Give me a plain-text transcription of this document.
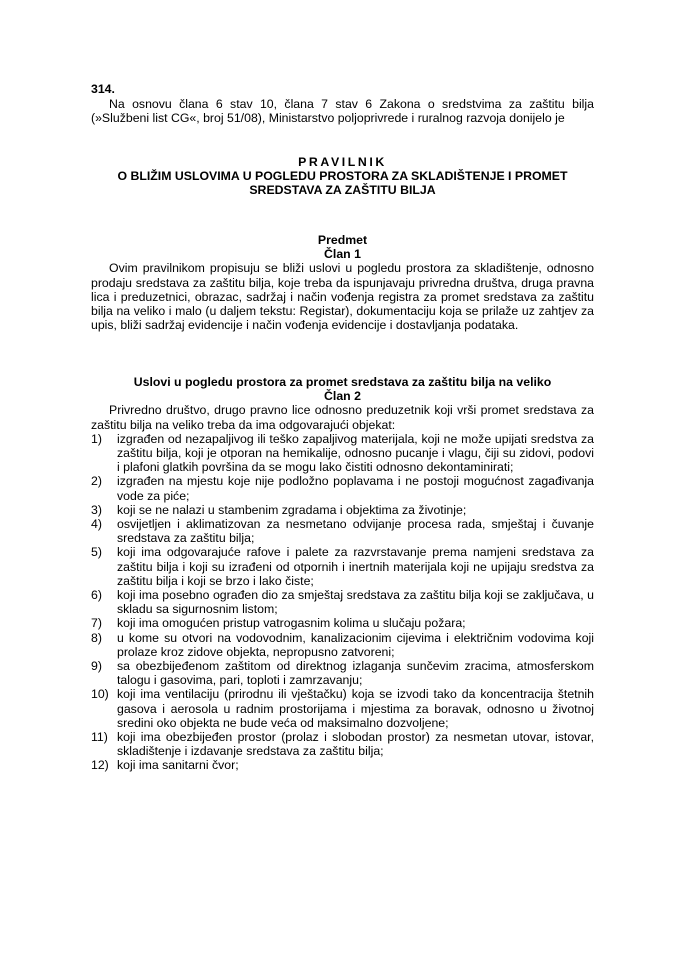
314.
Na osnovu člana 6 stav 10, člana 7 stav 6 Zakona o sredstvima za zaštitu bilja (»Službeni list CG«, broj 51/08), Ministarstvo poljoprivrede i ruralnog razvoja donijelo je
PRAVILNIK
O BLIŽIM USLOVIMA U POGLEDU PROSTORA ZA SKLADIŠTENJE I PROMET
SREDSTAVA ZA ZAŠTITU BILJA
Predmet
Član 1
Ovim pravilnikom propisuju se bliži uslovi u pogledu prostora za skladištenje, odnosno prodaju sredstava za zaštitu bilja, koje treba da ispunjavaju privredna društva, druga pravna lica i preduzetnici, obrazac, sadržaj i način vođenja registra za promet sredstava za zaštitu bilja na veliko i malo (u daljem tekstu: Registar), dokumentaciju koja se prilaže uz zahtjev za upis, bliži sadržaj evidencije i način vođenja evidencije i dostavljanja podataka.
Uslovi u pogledu prostora za promet sredstava za zaštitu bilja na veliko
Član 2
Privredno društvo, drugo pravno lice odnosno preduzetnik koji vrši promet sredstava za zaštitu bilja na veliko treba da ima odgovarajući objekat:
1)	izgrađen od nezapaljivog ili teško zapaljivog materijala, koji ne može upijati sredstva za zaštitu bilja, koji je otporan na hemikalije, odnosno pucanje i vlagu, čiji su zidovi, podovi i plafoni glatkih površina da se mogu lako čistiti odnosno dekontaminirati;
2)	izgrađen na mjestu koje nije podložno poplavama i ne postoji mogućnost zagađivanja vode za piće;
3)	koji se ne nalazi u stambenim zgradama i objektima za životinje;
4)	osvijetljen i aklimatizovan za nesmetano odvijanje procesa rada, smještaj i čuvanje sredstava za zaštitu bilja;
5)	koji ima odgovarajuće rafove i palete za razvrstavanje prema namjeni sredstava za zaštitu bilja i koji su izrađeni od otpornih i inertnih materijala koji ne upijaju sredstva za zaštitu bilja i koji se brzo i lako čiste;
6)	koji ima posebno ograđen dio za smještaj sredstava za zaštitu bilja koji se zaključava, u skladu sa sigurnosnim listom;
7)	koji ima omogućen pristup vatrogasnim kolima u slučaju požara;
8)	u kome su otvori na vodovodnim, kanalizacionim cijevima i električnim vodovima koji prolaze kroz zidove objekta, nepropusno zatvoreni;
9)	sa obezbijeđenom zaštitom od direktnog izlaganja sunčevim zracima, atmosferskom talogu i gasovima, pari, toploti i zamrzavanju;
10) koji ima ventilaciju (prirodnu ili vještačku) koja se izvodi tako da koncentracija štetnih gasova i aerosola u radnim prostorijama i mjestima za boravak, odnosno u životnoj sredini oko objekta ne bude veća od maksimalno dozvoljene;
11) koji ima obezbijeđen prostor (prolaz i slobodan prostor) za nesmetan utovar, istovar, skladištenje i izdavanje sredstava za zaštitu bilja;
12) koji ima sanitarni čvor;
